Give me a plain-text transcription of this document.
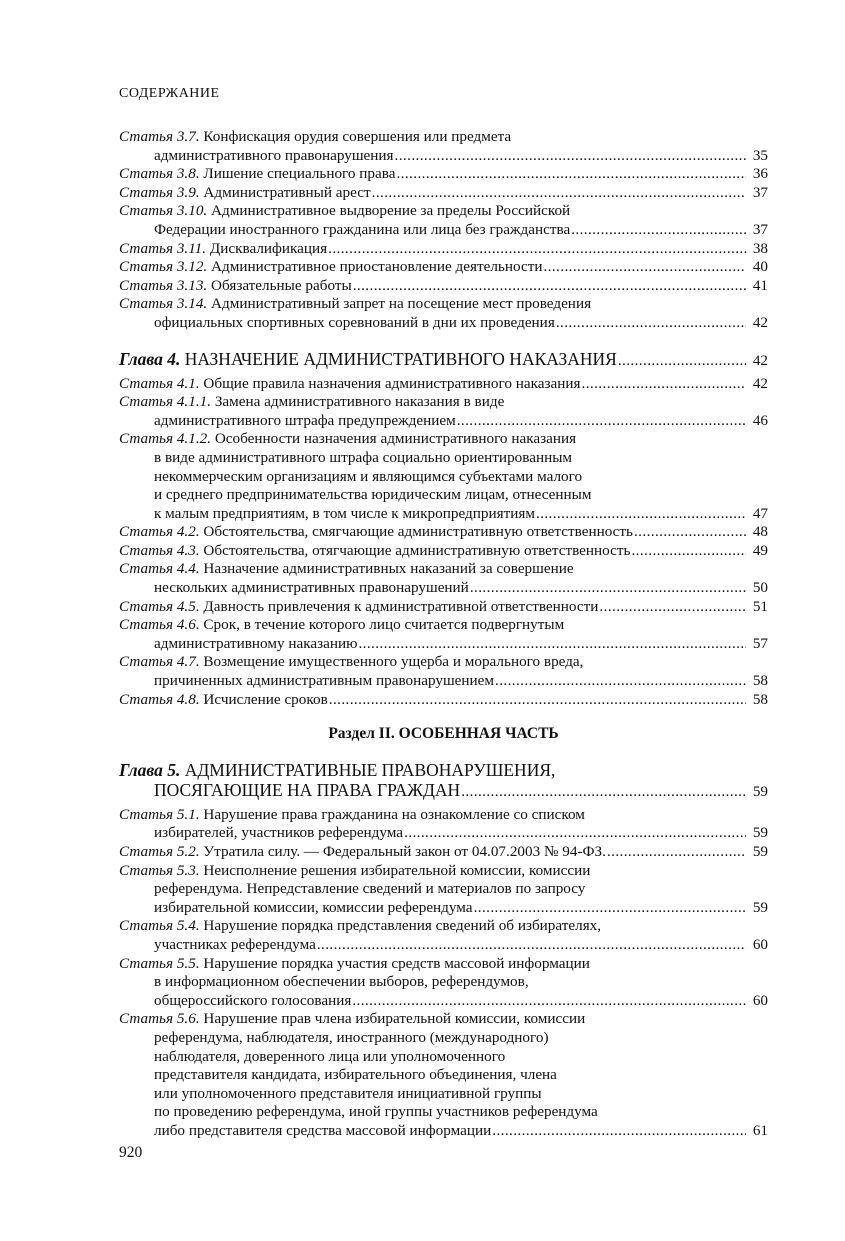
СОДЕРЖАНИЕ
Статья 3.7. Конфискация орудия совершения или предмета
административного правонарушения .....	35
Статья 3.8. Лишение специального права .....	36
Статья 3.9. Административный арест .....	37
Статья 3.10. Административное выдворение за пределы Российской
Федерации иностранного гражданина или лица без гражданства .....	37
Статья 3.11. Дисквалификация .....	38
Статья 3.12. Административное приостановление деятельности .....	40
Статья 3.13. Обязательные работы .....	41
Статья 3.14. Административный запрет на посещение мест проведения
официальных спортивных соревнований в дни их проведения .....	42
Глава 4. НАЗНАЧЕНИЕ АДМИНИСТРАТИВНОГО НАКАЗАНИЯ .....	42
Статья 4.1. Общие правила назначения административного наказания .....	42
Статья 4.1.1. Замена административного наказания в виде
административного штрафа предупреждением .....	46
Статья 4.1.2. Особенности назначения административного наказания
в виде административного штрафа социально ориентированным
некоммерческим организациям и являющимся субъектами малого
и среднего предпринимательства юридическим лицам, отнесенным
к малым предприятиям, в том числе к микропредприятиям .....	47
Статья 4.2. Обстоятельства, смягчающие административную ответственность .....	48
Статья 4.3. Обстоятельства, отягчающие административную ответственность .....	49
Статья 4.4. Назначение административных наказаний за совершение
нескольких административных правонарушений .....	50
Статья 4.5. Давность привлечения к административной ответственности .....	51
Статья 4.6. Срок, в течение которого лицо считается подвергнутым
административному наказанию .....	57
Статья 4.7. Возмещение имущественного ущерба и морального вреда,
причиненных административным правонарушением .....	58
Статья 4.8. Исчисление сроков .....	58
Раздел II. ОСОБЕННАЯ ЧАСТЬ
Глава 5. АДМИНИСТРАТИВНЫЕ ПРАВОНАРУШЕНИЯ,
ПОСЯГАЮЩИЕ НА ПРАВА ГРАЖДАН .....	59
Статья 5.1. Нарушение права гражданина на ознакомление со списком
избирателей, участников референдума .....	59
Статья 5.2. Утратила силу. — Федеральный закон от 04.07.2003 № 94-ФЗ. .....	59
Статья 5.3. Неисполнение решения избирательной комиссии, комиссии
референдума. Непредставление сведений и материалов по запросу
избирательной комиссии, комиссии референдума .....	59
Статья 5.4. Нарушение порядка представления сведений об избирателях,
участниках референдума .....	60
Статья 5.5. Нарушение порядка участия средств массовой информации
в информационном обеспечении выборов, референдумов,
общероссийского голосования .....	60
Статья 5.6. Нарушение прав члена избирательной комиссии, комиссии
референдума, наблюдателя, иностранного (международного)
наблюдателя, доверенного лица или уполномоченного
представителя кандидата, избирательного объединения, члена
или уполномоченного представителя инициативной группы
по проведению референдума, иной группы участников референдума
либо представителя средства массовой информации .....	61
920
